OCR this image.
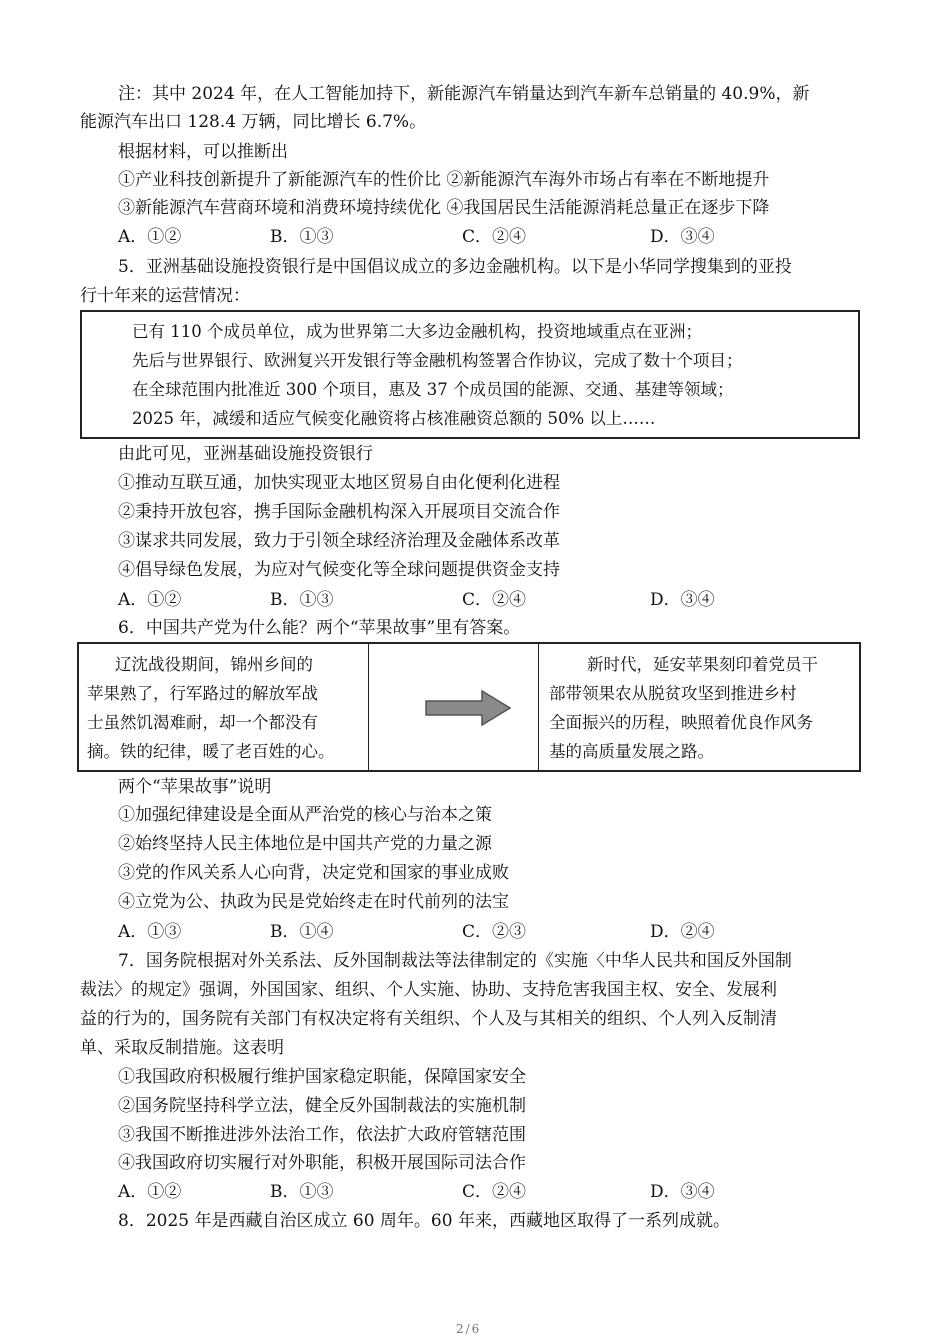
注：其中 2024 年，在人工智能加持下，新能源汽车销量达到汽车新车总销量的 40.9%，新
能源汽车出口 128.4 万辆，同比增长 6.7%。
根据材料，可以推断出
①产业科技创新提升了新能源汽车的性价比 ②新能源汽车海外市场占有率在不断地提升
③新能源汽车营商环境和消费环境持续优化 ④我国居民生活能源消耗总量正在逐步下降
A．①②	B．①③	C．②④	D．③④
5．亚洲基础设施投资银行是中国倡议成立的多边金融机构。以下是小华同学搜集到的亚投
行十年来的运营情况：
已有 110 个成员单位，成为世界第二大多边金融机构，投资地域重点在亚洲；
先后与世界银行、欧洲复兴开发银行等金融机构签署合作协议，完成了数十个项目；
在全球范围内批准近 300 个项目，惠及 37 个成员国的能源、交通、基建等领域；
2025 年，减缓和适应气候变化融资将占核准融资总额的 50% 以上……
由此可见，亚洲基础设施投资银行
①推动互联互通，加快实现亚太地区贸易自由化便利化进程
②秉持开放包容，携手国际金融机构深入开展项目交流合作
③谋求共同发展，致力于引领全球经济治理及金融体系改革
④倡导绿色发展，为应对气候变化等全球问题提供资金支持
A．①②	B．①③	C．②④	D．③④
6．中国共产党为什么能？两个“苹果故事”里有答案。
辽沈战役期间，锦州乡间的
苹果熟了，行军路过的解放军战
士虽然饥渴难耐，却一个都没有
摘。铁的纪律，暖了老百姓的心。
新时代，延安苹果刻印着党员干
部带领果农从脱贫攻坚到推进乡村
全面振兴的历程，映照着优良作风务
基的高质量发展之路。
两个“苹果故事”说明
①加强纪律建设是全面从严治党的核心与治本之策
②始终坚持人民主体地位是中国共产党的力量之源
③党的作风关系人心向背，决定党和国家的事业成败
④立党为公、执政为民是党始终走在时代前列的法宝
A．①③	B．①④	C．②③	D．②④
7．国务院根据对外关系法、反外国制裁法等法律制定的《实施〈中华人民共和国反外国制
裁法〉的规定》强调，外国国家、组织、个人实施、协助、支持危害我国主权、安全、发展利
益的行为的，国务院有关部门有权决定将有关组织、个人及与其相关的组织、个人列入反制清
单、采取反制措施。这表明
①我国政府积极履行维护国家稳定职能，保障国家安全
②国务院坚持科学立法，健全反外国制裁法的实施机制
③我国不断推进涉外法治工作，依法扩大政府管辖范围
④我国政府切实履行对外职能，积极开展国际司法合作
A．①②	B．①③	C．②④	D．③④
8．2025 年是西藏自治区成立 60 周年。60 年来，西藏地区取得了一系列成就。
2/6
